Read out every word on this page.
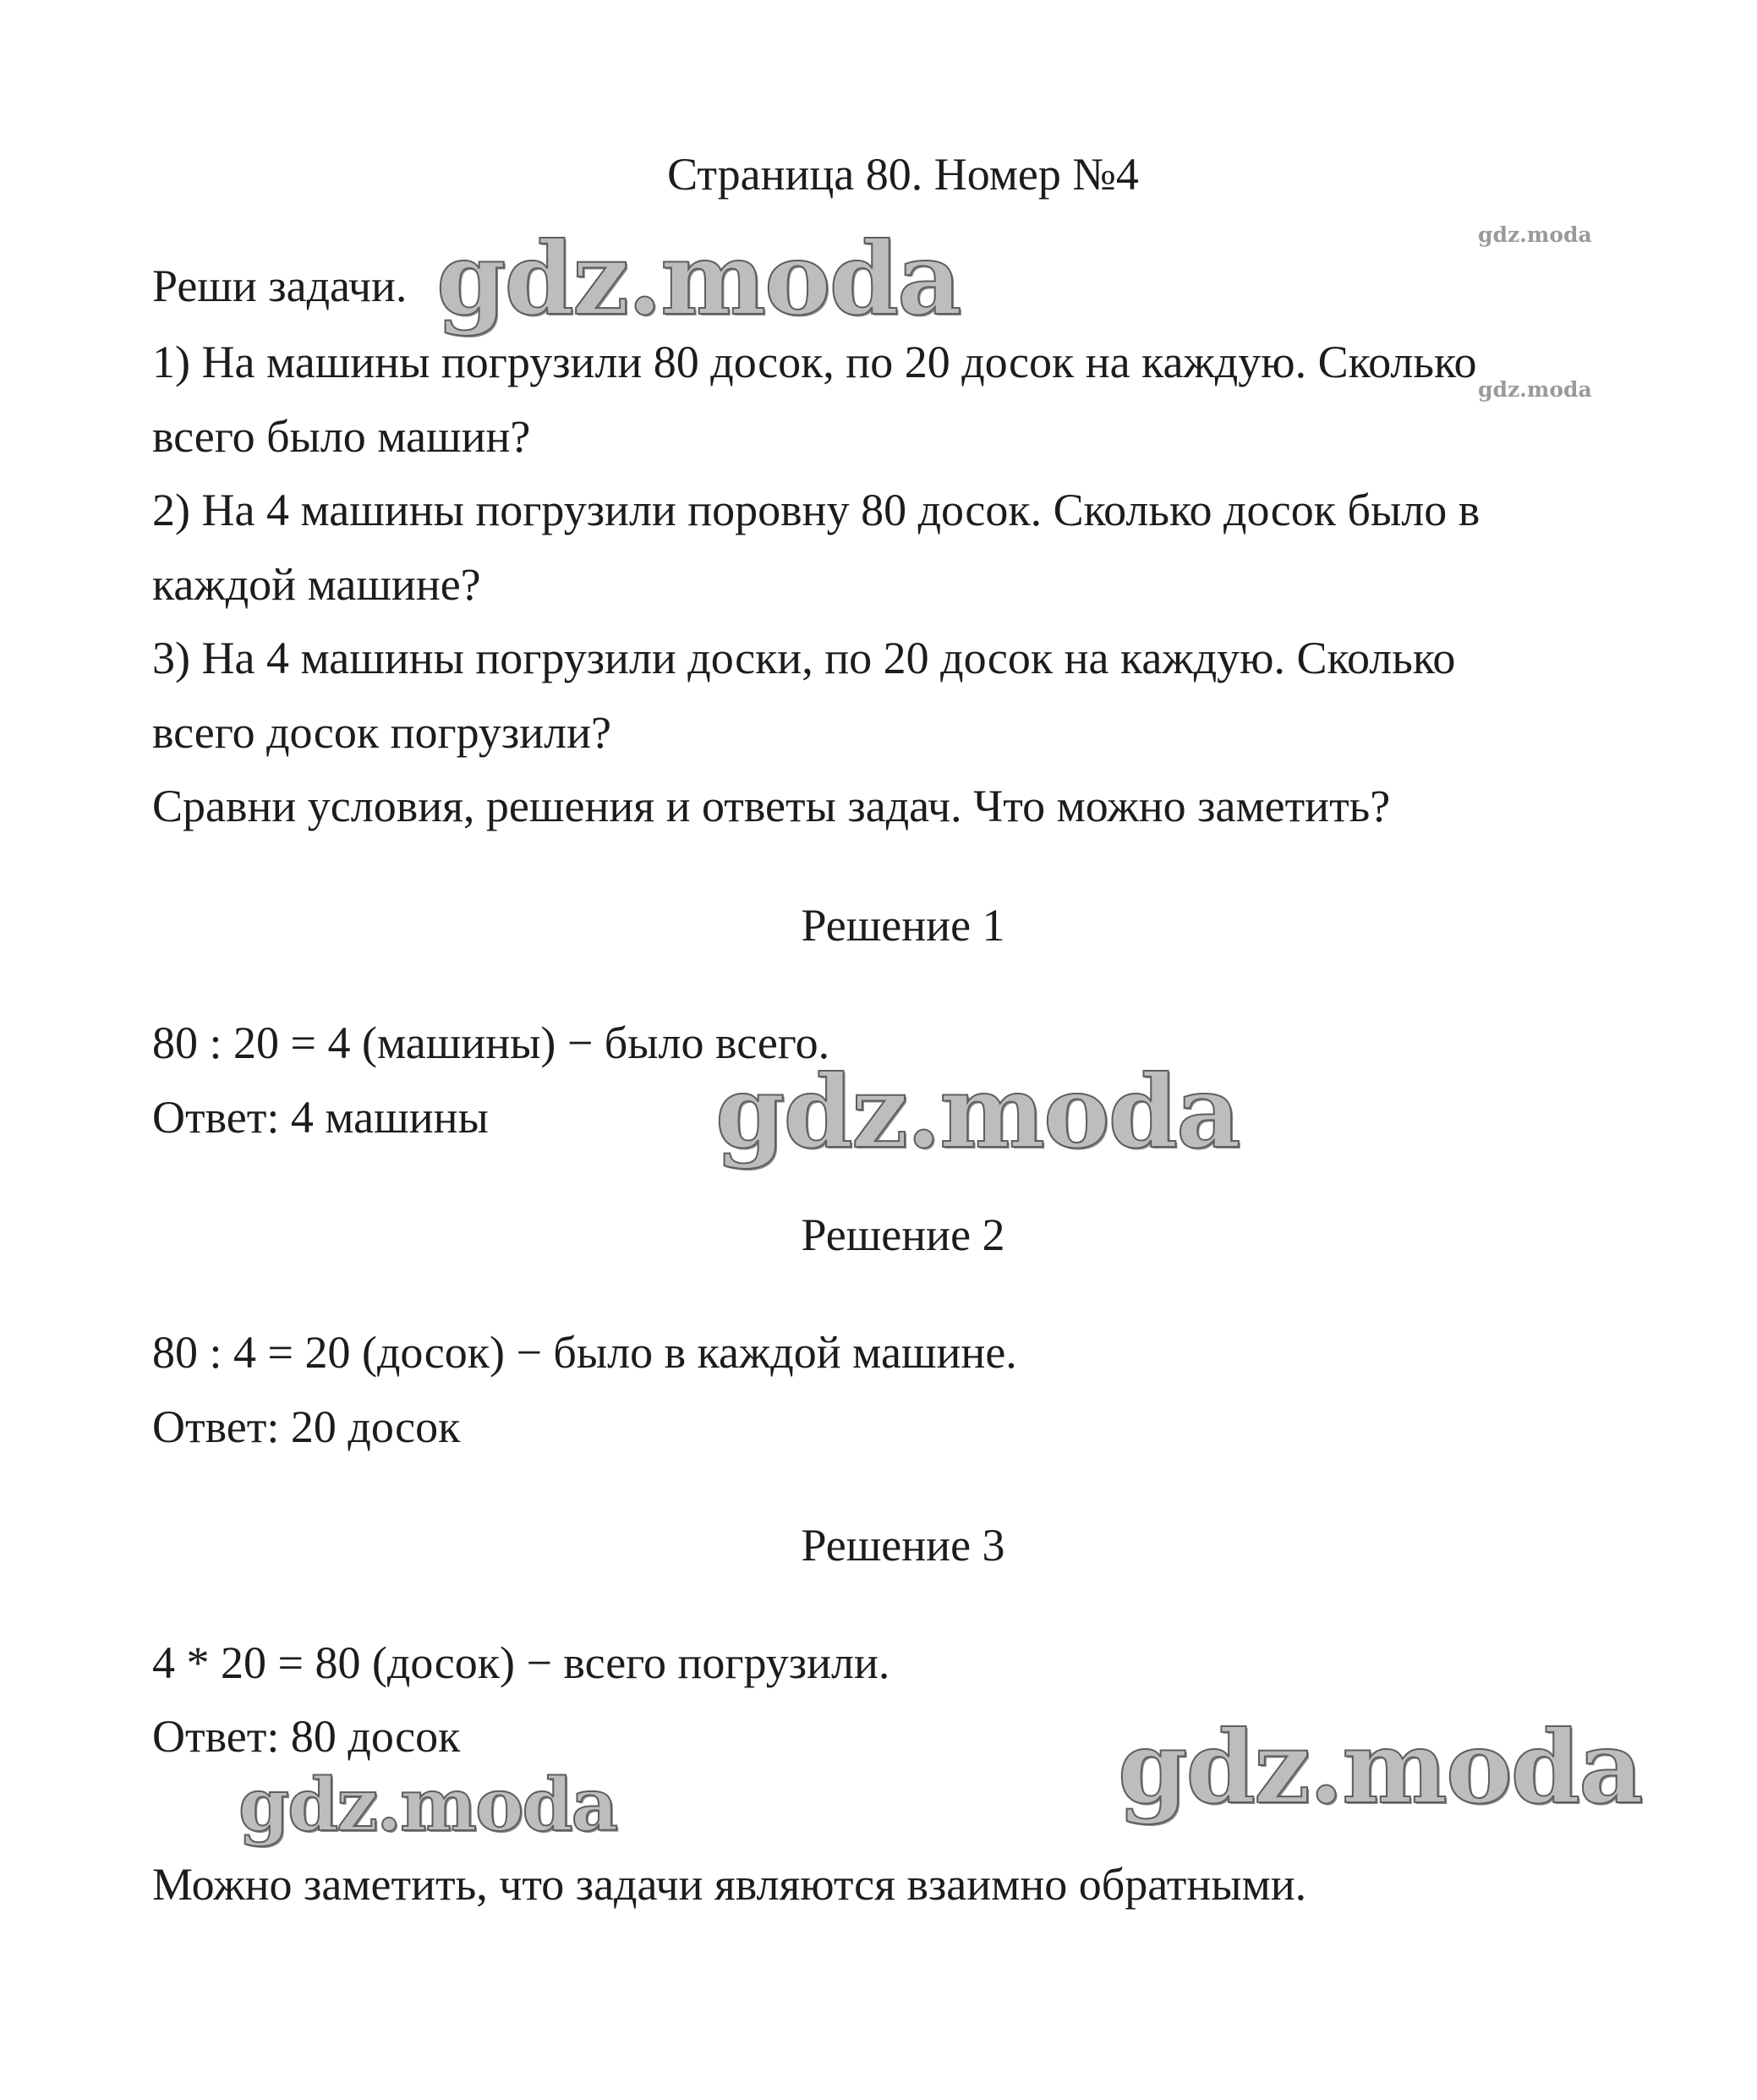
Страница 80. Номер №4
Реши задачи.
1) На машины погрузили 80 досок, по 20 досок на каждую. Сколько
всего было машин?
2) На 4 машины погрузили поровну 80 досок. Сколько досок было в
каждой машине?
3) На 4 машины погрузили доски, по 20 досок на каждую. Сколько
всего досок погрузили?
Сравни условия, решения и ответы задач. Что можно заметить?
Решение 1
80 : 20 = 4 (машины) − было всего.
Ответ: 4 машины
Решение 2
80 : 4 = 20 (досок) − было в каждой машине.
Ответ: 20 досок
Решение 3
4 * 20 = 80 (досок) − всего погрузили.
Ответ: 80 досок
Можно заметить, что задачи являются взаимно обратными.
gdz.moda	gdz.moda
gdz.moda
gdz.moda
gdz.moda
gdz.moda
